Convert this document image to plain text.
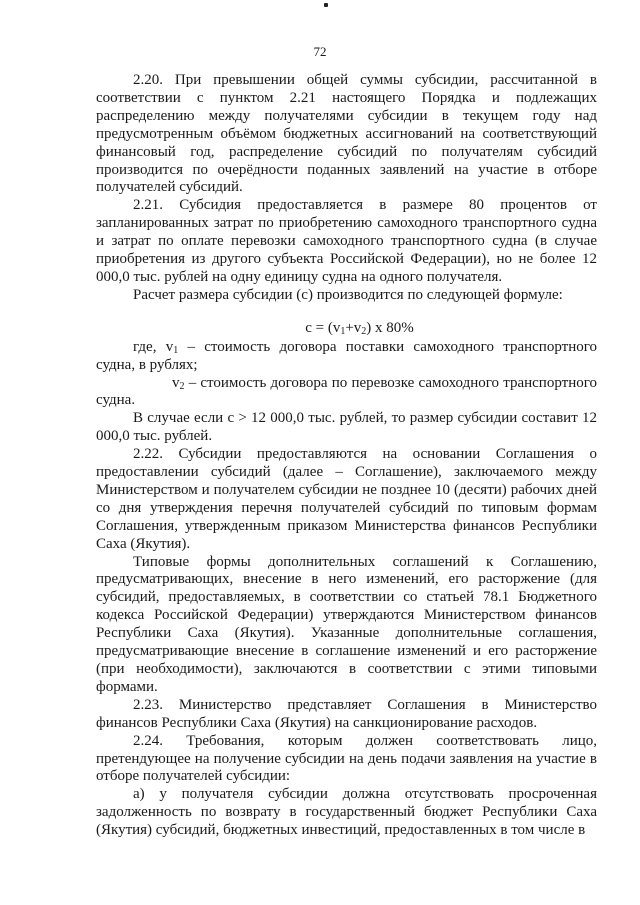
72

2.20. При превышении общей суммы субсидии, рассчитанной в соответствии с пунктом 2.21 настоящего Порядка и подлежащих распределению между получателями субсидии в текущем году над предусмотренным объёмом бюджетных ассигнований на соответствующий финансовый год, распределение субсидий по получателям субсидий производится по очерёдности поданных заявлений на участие в отборе получателей субсидий.

2.21. Субсидия предоставляется в размере 80 процентов от запланированных затрат по приобретению самоходного транспортного судна и затрат по оплате перевозки самоходного транспортного судна (в случае приобретения из другого субъекта Российской Федерации), но не более 12 000,0 тыс. рублей на одну единицу судна на одного получателя.

Расчет размера субсидии (с) производится по следующей формуле:

$c = (v_1+v_2)$ х 80%

где, $v_1$ – стоимость договора поставки самоходного транспортного судна, в рублях;

$v_2$ – стоимость договора по перевозке самоходного транспортного судна.

В случае если с > 12 000,0 тыс. рублей, то размер субсидии составит 12 000,0 тыс. рублей.

2.22. Субсидии предоставляются на основании Соглашения о предоставлении субсидий (далее – Соглашение), заключаемого между Министерством и получателем субсидии не позднее 10 (десяти) рабочих дней со дня утверждения перечня получателей субсидий по типовым формам Соглашения, утвержденным приказом Министерства финансов Республики Саха (Якутия).

Типовые формы дополнительных соглашений к Соглашению, предусматривающих, внесение в него изменений, его расторжение (для субсидий, предоставляемых, в соответствии со статьей 78.1 Бюджетного кодекса Российской Федерации) утверждаются Министерством финансов Республики Саха (Якутия). Указанные дополнительные соглашения, предусматривающие внесение в соглашение изменений и его расторжение (при необходимости), заключаются в соответствии с этими типовыми формами.

2.23. Министерство представляет Соглашения в Министерство финансов Республики Саха (Якутия) на санкционирование расходов.

2.24. Требования, которым должен соответствовать лицо, претендующее на получение субсидии на день подачи заявления на участие в отборе получателей субсидии:

а) у получателя субсидии должна отсутствовать просроченная задолженность по возврату в государственный бюджет Республики Саха (Якутия) субсидий, бюджетных инвестиций, предоставленных в том числе в
